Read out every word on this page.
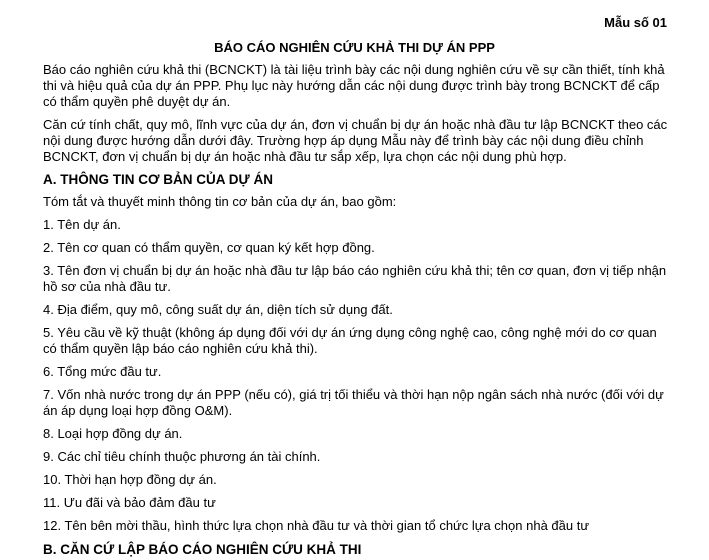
Mẫu số 01
BÁO CÁO NGHIÊN CỨU KHẢ THI DỰ ÁN PPP

Báo cáo nghiên cứu khả thi (BCNCKT) là tài liệu trình bày các nội dung nghiên cứu về sự cần thiết, tính khả thi và hiệu quả của dự án PPP. Phụ lục này hướng dẫn các nội dung được trình bày trong BCNCKT để cấp có thẩm quyền phê duyệt dự án.

Căn cứ tính chất, quy mô, lĩnh vực của dự án, đơn vị chuẩn bị dự án hoặc nhà đầu tư lập BCNCKT theo các nội dung được hướng dẫn dưới đây. Trường hợp áp dụng Mẫu này để trình bày các nội dung điều chỉnh BCNCKT, đơn vị chuẩn bị dự án hoặc nhà đầu tư sắp xếp, lựa chọn các nội dung phù hợp.

A. THÔNG TIN CƠ BẢN CỦA DỰ ÁN

Tóm tắt và thuyết minh thông tin cơ bản của dự án, bao gồm:

1. Tên dự án.

2. Tên cơ quan có thẩm quyền, cơ quan ký kết hợp đồng.

3. Tên đơn vị chuẩn bị dự án hoặc nhà đầu tư lập báo cáo nghiên cứu khả thi; tên cơ quan, đơn vị tiếp nhận hồ sơ của nhà đầu tư.

4. Địa điểm, quy mô, công suất dự án, diện tích sử dụng đất.

5. Yêu cầu về kỹ thuật (không áp dụng đối với dự án ứng dụng công nghệ cao, công nghệ mới do cơ quan có thẩm quyền lập báo cáo nghiên cứu khả thi).

6. Tổng mức đầu tư.

7. Vốn nhà nước trong dự án PPP (nếu có), giá trị tối thiểu và thời hạn nộp ngân sách nhà nước (đối với dự án áp dụng loại hợp đồng O&M).

8. Loại hợp đồng dự án.

9. Các chỉ tiêu chính thuộc phương án tài chính.

10. Thời hạn hợp đồng dự án.

11. Ưu đãi và bảo đảm đầu tư

12. Tên bên mời thầu, hình thức lựa chọn nhà đầu tư và thời gian tổ chức lựa chọn nhà đầu tư

B. CĂN CỨ LẬP BÁO CÁO NGHIÊN CỨU KHẢ THI
